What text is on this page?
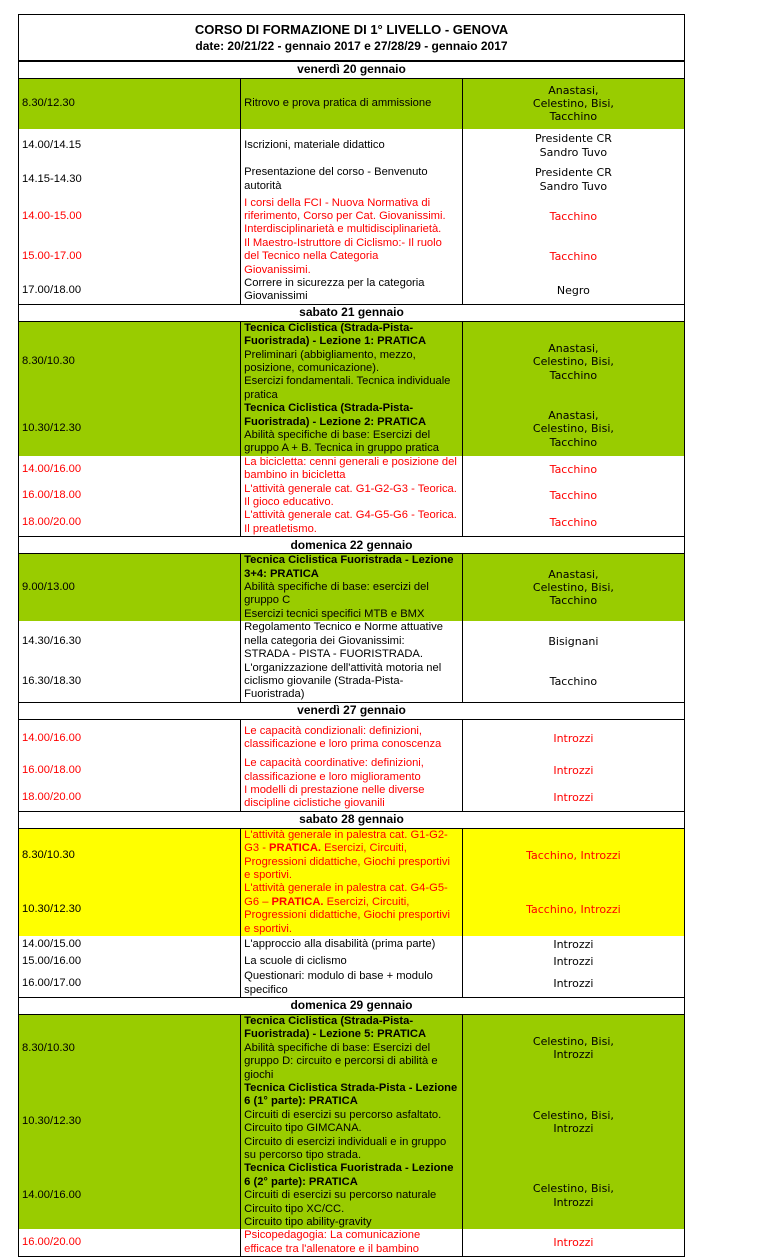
CORSO DI FORMAZIONE DI 1° LIVELLO - GENOVA
date: 20/21/22 - gennaio 2017 e 27/28/29 - gennaio 2017
venerdì 20 gennaio		
8.30/12.30	Ritrovo e prova pratica di ammissione	Anastasi,
Celestino, Bisi,
Tacchino

14.00/14.15	Iscrizioni, materiale didattico	Presidente CR
Sandro Tuvo

14.15-14.30	Presentazione del corso - Benvenuto autorità	Presidente CR
Sandro Tuvo

14.00-15.00	I corsi della FCI - Nuova Normativa di riferimento, Corso per Cat. Giovanissimi.
Interdisciplinarietà e multidisciplinarietà.	Tacchino

15.00-17.00	Il Maestro-Istruttore di Ciclismo:- Il ruolo del Tecnico nella Categoria
Giovanissimi.	Tacchino

17.00/18.00	Correre in sicurezza per la categoria Giovanissimi	Negro

sabato 21 gennaio		
8.30/10.30	Tecnica Ciclistica (Strada-Pista-Fuoristrada) - Lezione 1: PRATICA
Preliminari (abbigliamento, mezzo, posizione, comunicazione).
Esercizi fondamentali. Tecnica individuale pratica	Anastasi,
Celestino, Bisi,
Tacchino

10.30/12.30	Tecnica Ciclistica (Strada-Pista-Fuoristrada) - Lezione 2: PRATICA
Abilità specifiche di base: Esercizi del gruppo A + B. Tecnica in gruppo pratica	Anastasi,
Celestino, Bisi,
Tacchino

14.00/16.00	La bicicletta: cenni generali e posizione del bambino in bicicletta	Tacchino

16.00/18.00	L'attività generale cat. G1-G2-G3 - Teorica. Il gioco educativo.	Tacchino

18.00/20.00	L'attività generale cat. G4-G5-G6 - Teorica. Il preatletismo.	Tacchino

domenica 22 gennaio		
9.00/13.00	Tecnica Ciclistica Fuoristrada - Lezione 3+4: PRATICA
Abilità specifiche di base: esercizi del gruppo C
Esercizi tecnici specifici MTB e BMX	Anastasi,
Celestino, Bisi,
Tacchino

14.30/16.30	Regolamento Tecnico e Norme attuative nella categoria dei Giovanissimi:
STRADA - PISTA - FUORISTRADA.	Bisignani

16.30/18.30	L'organizzazione dell'attività motoria nel ciclismo giovanile (Strada-Pista-
Fuoristrada)	Tacchino

venerdì 27 gennaio		
14.00/16.00	Le capacità condizionali: definizioni, classificazione e loro prima conoscenza	Introzzi

16.00/18.00	Le capacità coordinative: definizioni, classificazione e loro miglioramento	Introzzi

18.00/20.00	I modelli di prestazione nelle diverse discipline ciclistiche giovanili	Introzzi

sabato 28 gennaio		
8.30/10.30	L'attività generale in palestra cat. G1-G2-G3 - PRATICA. Esercizi, Circuiti,
Progressioni didattiche, Giochi presportivi e sportivi.	Tacchino, Introzzi

10.30/12.30	L'attività generale in palestra cat. G4-G5-G6 – PRATICA. Esercizi, Circuiti,
Progressioni didattiche, Giochi presportivi e sportivi.	Tacchino, Introzzi

14.00/15.00	L'approccio alla disabilità (prima parte)	Introzzi

15.00/16.00	La scuole di ciclismo	Introzzi

16.00/17.00	Questionari: modulo di base + modulo specifico	Introzzi

domenica 29 gennaio		
8.30/10.30	Tecnica Ciclistica (Strada-Pista-Fuoristrada) - Lezione 5: PRATICA
Abilità specifiche di base: Esercizi del gruppo D: circuito e percorsi di abilità e
giochi	Celestino, Bisi,
Introzzi

10.30/12.30	Tecnica Ciclistica Strada-Pista - Lezione 6 (1° parte): PRATICA
Circuiti di esercizi su percorso asfaltato.
Circuito tipo GIMCANA.
Circuito di esercizi individuali e in gruppo su percorso tipo strada.	Celestino, Bisi,
Introzzi

14.00/16.00	Tecnica Ciclistica Fuoristrada - Lezione 6 (2° parte): PRATICA
Circuiti di esercizi su percorso naturale
Circuito tipo XC/CC.
Circuito tipo ability-gravity	Celestino, Bisi,
Introzzi

16.00/20.00	Psicopedagogia: La comunicazione efficace tra l'allenatore e il bambino	Introzzi
